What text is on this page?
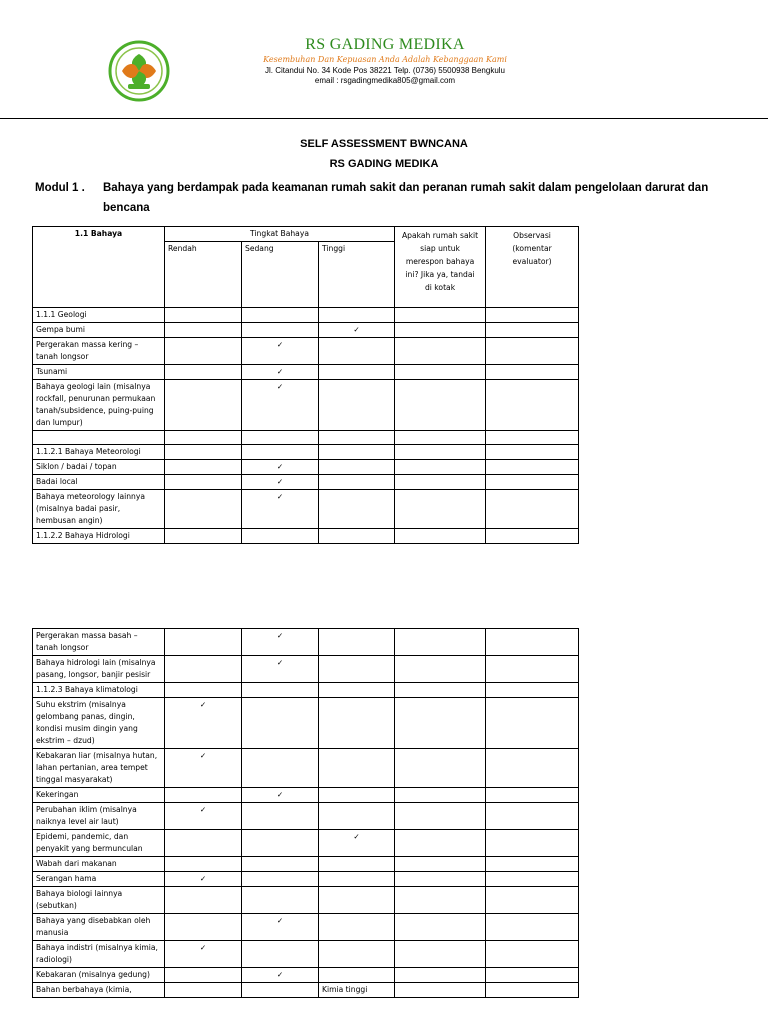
RS GADING MEDIKA
Kesembuhan Dan Kepuasan Anda Adalah Kebanggaan Kami
Jl. Citandui No. 34 Kode Pos 38221 Telp. (0736) 5500938 Bengkulu
email : rsgadingmedika805@gmail.com
SELF ASSESSMENT BWNCANA
RS GADING MEDIKA
Modul 1 . Bahaya yang berdampak pada keamanan rumah sakit dan peranan rumah sakit dalam pengelolaan darurat dan bencana
1.1 Bahaya	Tingkat Bahaya			Apakah rumah sakit siap untuk merespon bahaya ini? Jika ya, tandai di kotak	Observasi (komentar evaluator)
	Rendah	Sedang	Tinggi		
1.1.1 Geologi					
Gempa bumi			✓		
Pergerakan massa kering – tanah longsor		✓			
Tsunami		✓			
Bahaya geologi lain (misalnya rockfall, penurunan permukaan tanah/subsidence, puing-puing dan lumpur)		✓			

1.1.2.1 Bahaya Meteorologi					
Siklon / badai / topan		✓			
Badai local		✓			
Bahaya meteorology lainnya (misalnya badai pasir, hembusan angin)		✓			
1.1.2.2 Bahaya Hidrologi					
Pergerakan massa basah – tanah longsor		✓			
Bahaya hidrologi lain (misalnya pasang, longsor, banjir pesisir		✓			
1.1.2.3 Bahaya klimatologi					
Suhu ekstrim (misalnya gelombang panas, dingin, kondisi musim dingin yang ekstrim – dzud)	✓				
Kebakaran liar (misalnya hutan, lahan pertanian, area tempet tinggal masyarakat)	✓				
Kekeringan		✓			
Perubahan iklim (misalnya naiknya level air laut)	✓				
Epidemi, pandemic, dan penyakit yang bermunculan			✓		
Wabah dari makanan					
Serangan hama	✓				
Bahaya biologi lainnya (sebutkan)					
Bahaya yang disebabkan oleh manusia		✓			
Bahaya indistri (misalnya kimia, radiologi)	✓				
Kebakaran (misalnya gedung)		✓			
Bahan berbahaya (kimia,			Kimia tinggi		
